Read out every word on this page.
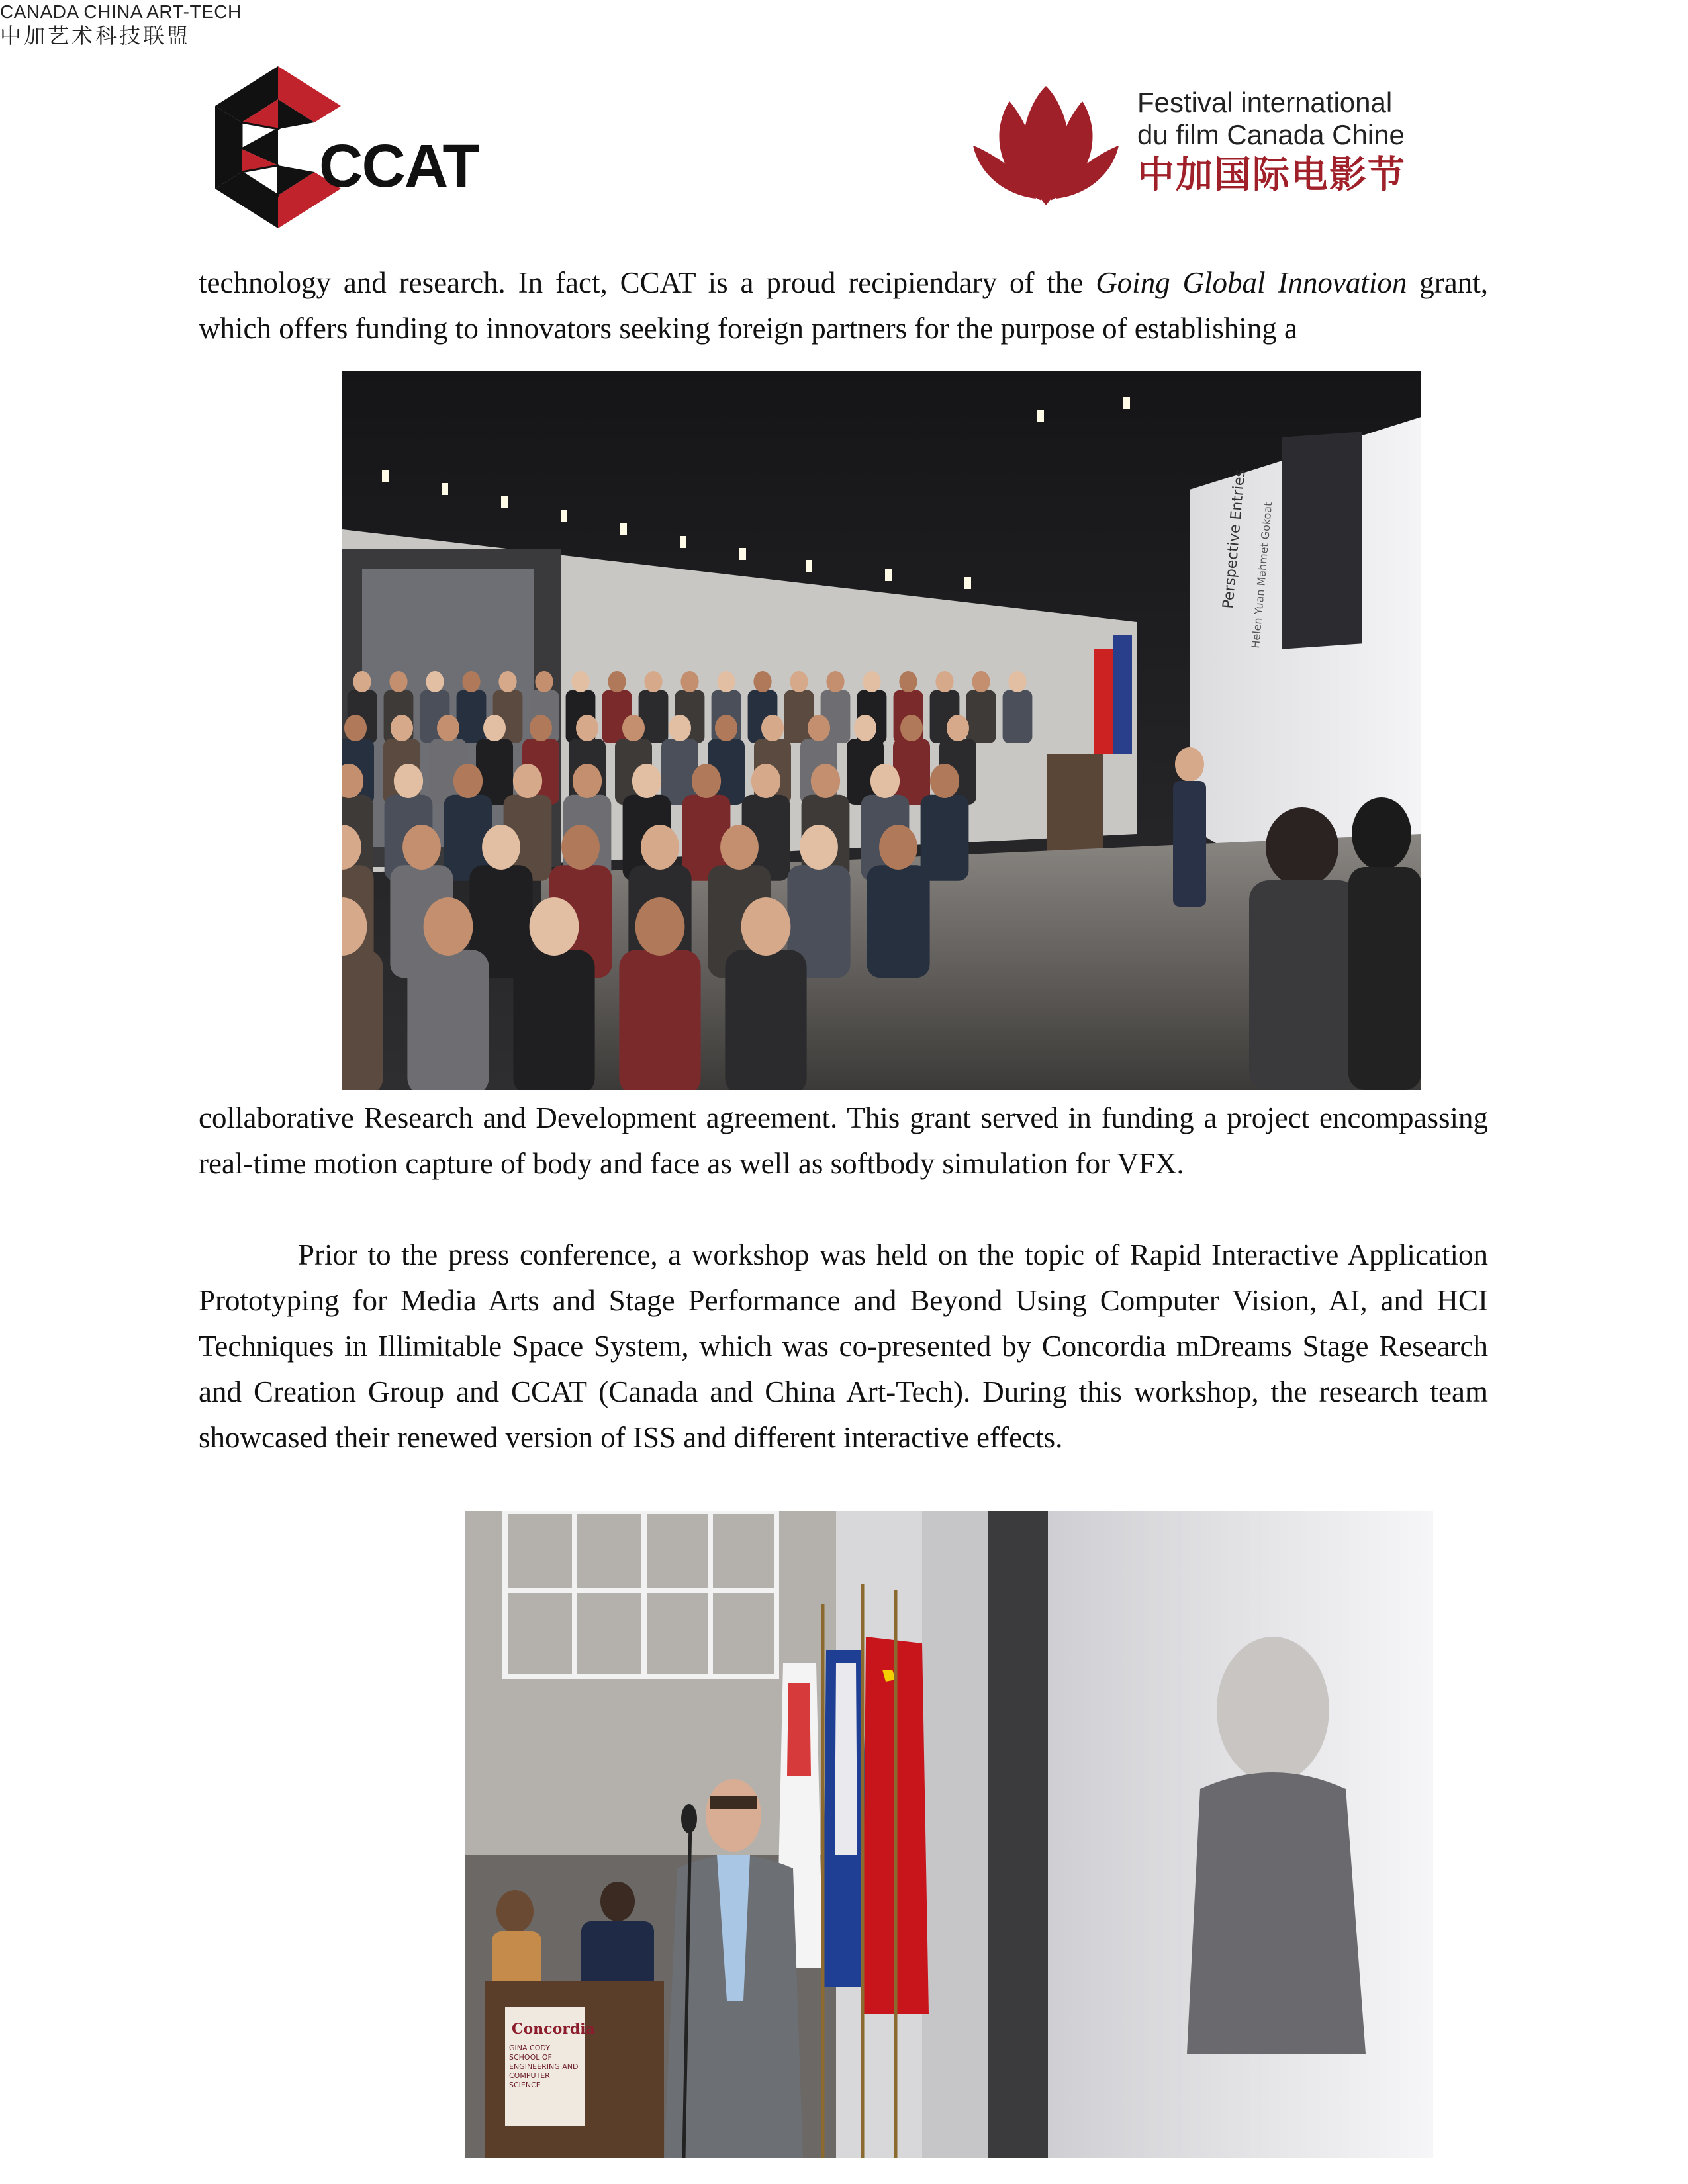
CCAT
CANADA CHINA ART-TECH
中加艺术科技联盟
Festival international
du film Canada Chine
中加国际电影节

technology and research. In fact, CCAT is a proud recipiendary of the Going Global Innovation grant, which offers funding to innovators seeking foreign partners for the purpose of establishing a

Perspective Entries Helen Yuan Mahmet Gokoat

collaborative Research and Development agreement. This grant served in funding a project encompassing real-time motion capture of body and face as well as softbody simulation for VFX.

Prior to the press conference, a workshop was held on the topic of Rapid Interactive Application Prototyping for Media Arts and Stage Performance and Beyond Using Computer Vision, AI, and HCI Techniques in Illimitable Space System, which was co-presented by Concordia mDreams Stage Research and Creation Group and CCAT (Canada and China Art-Tech). During this workshop, the research team showcased their renewed version of ISS and different interactive effects.

Concordia
GINA CODY SCHOOL OF ENGINEERING AND COMPUTER SCIENCE
